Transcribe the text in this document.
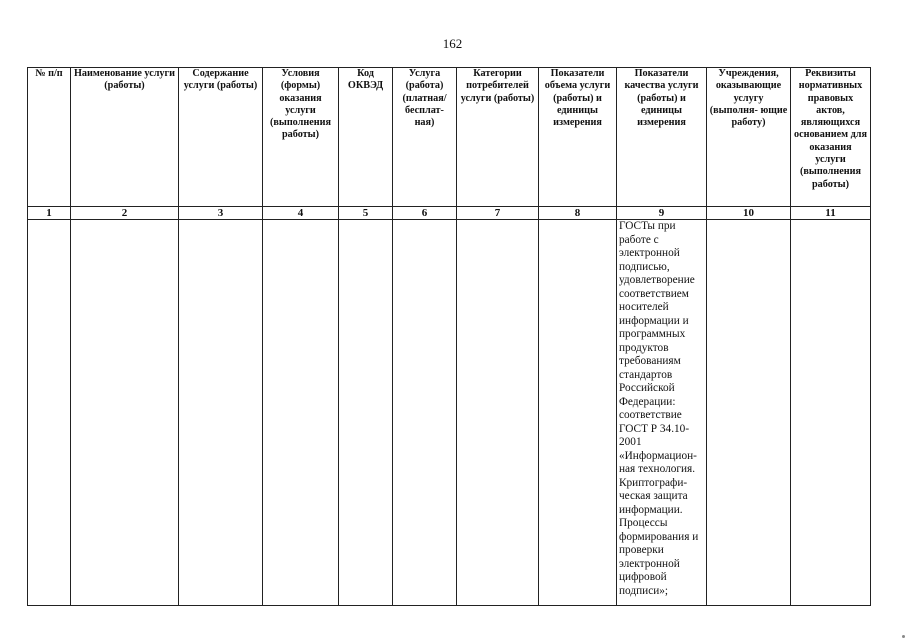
162
№ п/п	Наименование услуги (работы)	Содержание услуги (работы)	Условия (формы) оказания услуги (выполнения работы)	Код ОКВЭД	Услуга (работа) (платная/ бесплат- ная)	Категории потребителей услуги (работы)	Показатели объема услуги (работы) и единицы измерения	Показатели качества услуги (работы) и единицы измерения	Учреждения, оказывающие услугу (выполня- ющие работу)	Реквизиты нормативных правовых актов, являющихся основанием для оказания услуги (выполнения работы)
1	2	3	4	5	6	7	8	9	10	11
								ГОСТы при работе с электронной подписью, удовлетворение соответствием носителей информации и программных продуктов требованиям стандартов Российской Федерации: соответствие ГОСТ Р 34.10-2001 «Информацион-ная технология. Криптографи-ческая защита информации. Процессы формирования и проверки электронной цифровой подписи»;		
